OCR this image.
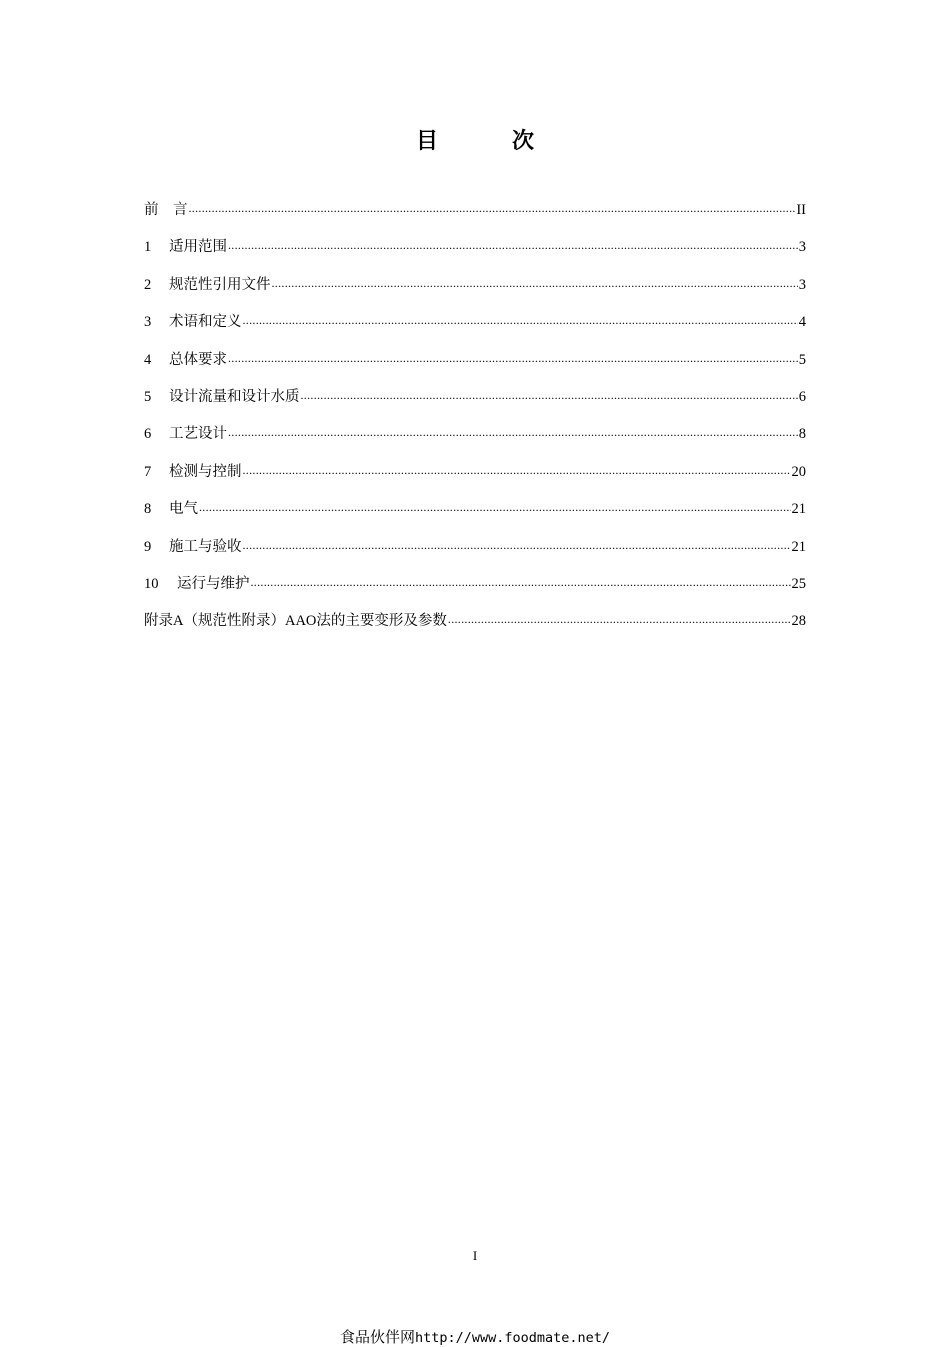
目　次
前　言 .....	II
1	适用范围 .....	3
2	规范性引用文件 .....	3
3	术语和定义 .....	4
4	总体要求 .....	5
5	设计流量和设计水质 .....	6
6	工艺设计 .....	8
7	检测与控制 .....	20
8	电气 .....	21
9	施工与验收 .....	21
10	运行与维护 .....	25
附录A（规范性附录）AAO法的主要变形及参数 .....	28
I
食品伙伴网http://www.foodmate.net/
